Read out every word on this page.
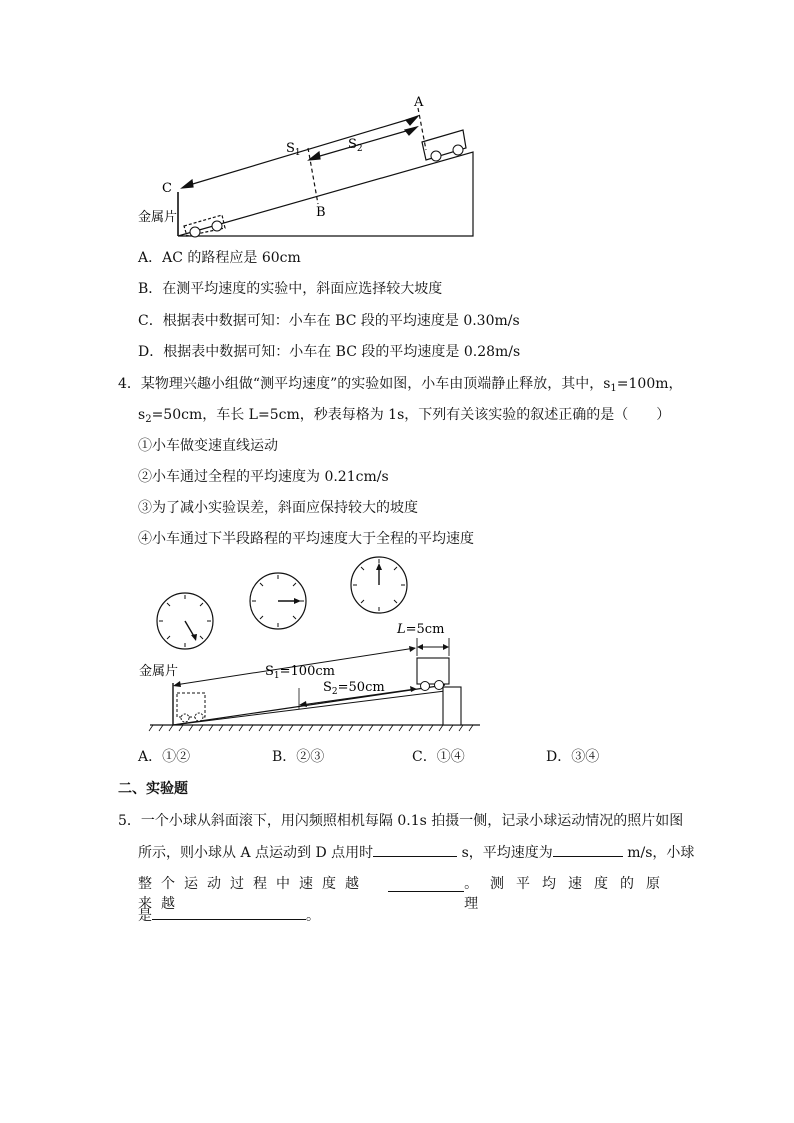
A
C
B
$S_1$
$S_2$
金属片
A．AC 的路程应是 60cm
B．在测平均速度的实验中，斜面应选择较大坡度
C．根据表中数据可知：小车在 BC 段的平均速度是 0.30m/s
D．根据表中数据可知：小车在 BC 段的平均速度是 0.28m/s
4．某物理兴趣小组做“测平均速度”的实验如图，小车由顶端静止释放，其中，$s_1=100m$，
$s_2=50cm$，车长 L=5cm，秒表每格为 1s，下列有关该实验的叙述正确的是（　　）
①小车做变速直线运动
②小车通过全程的平均速度为 0.21cm/s
③为了减小实验误差，斜面应保持较大的坡度
④小车通过下半段路程的平均速度大于全程的平均速度
L=5cm
$S_1=100cm$
$S_2=50cm$
金属片
A．①②	B．②③	C．①④	D．③④
二、实验题
5．一个小球从斜面滚下，用闪频照相机每隔 0.1s 拍摄一侧，记录小球运动情况的照片如图
所示，则小球从 A 点运动到 D 点用时	s，平均速度为	m/s，小球
整个运动过程中速度越来越
。测平均速度的原理
是	。
